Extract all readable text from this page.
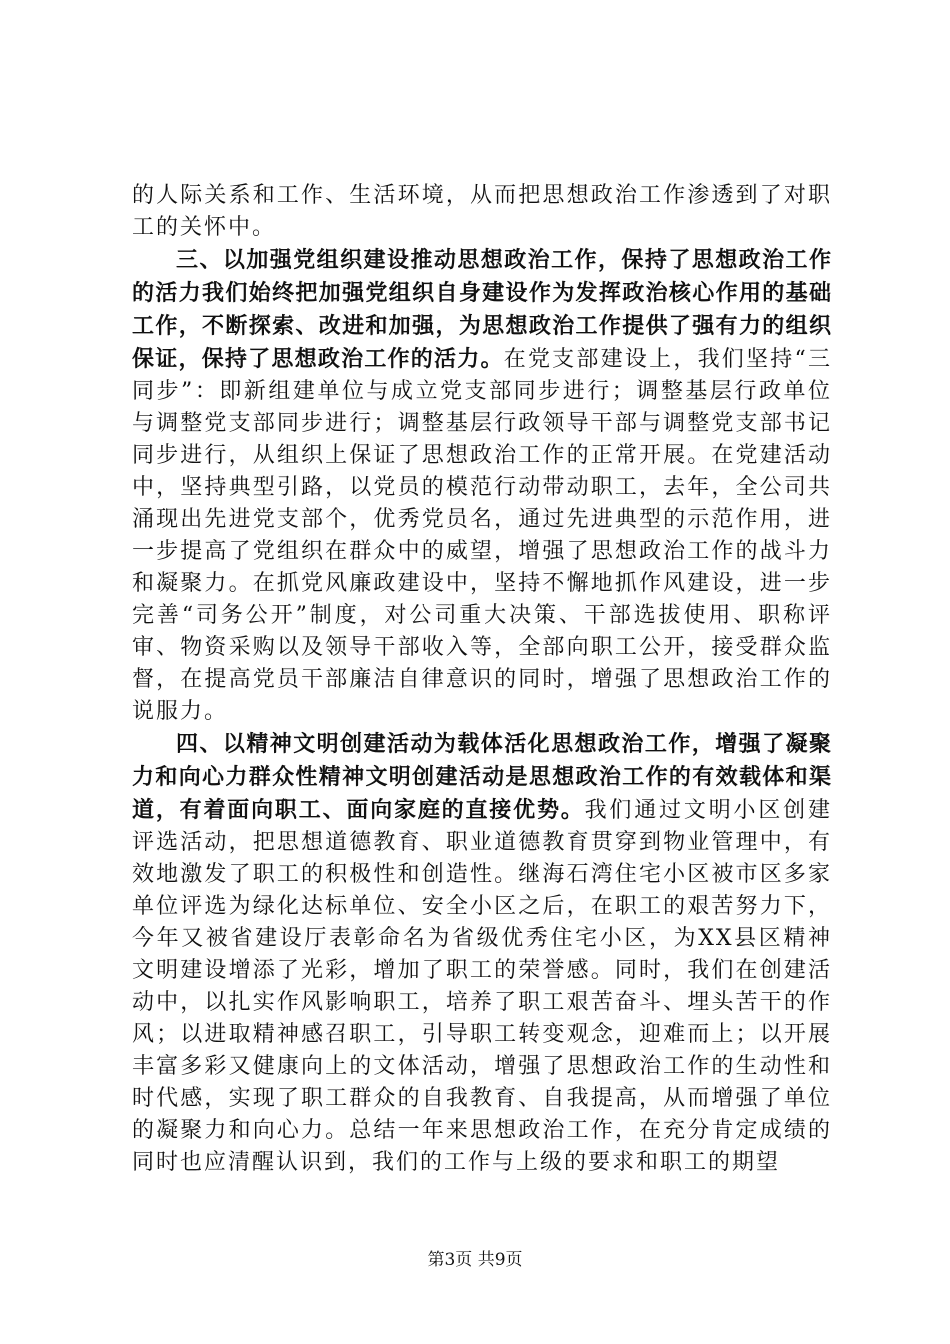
的人际关系和工作、生活环境，从而把思想政治工作渗透到了对职工的关怀中。

三、以加强党组织建设推动思想政治工作，保持了思想政治工作的活力我们始终把加强党组织自身建设作为发挥政治核心作用的基础工作，不断探索、改进和加强，为思想政治工作提供了强有力的组织保证，保持了思想政治工作的活力。在党支部建设上，我们坚持“三同步”：即新组建单位与成立党支部同步进行；调整基层行政单位与调整党支部同步进行；调整基层行政领导干部与调整党支部书记同步进行，从组织上保证了思想政治工作的正常开展。在党建活动中，坚持典型引路，以党员的模范行动带动职工，去年，全公司共涌现出先进党支部个，优秀党员名，通过先进典型的示范作用，进一步提高了党组织在群众中的威望，增强了思想政治工作的战斗力和凝聚力。在抓党风廉政建设中，坚持不懈地抓作风建设，进一步完善“司务公开”制度，对公司重大决策、干部选拔使用、职称评审、物资采购以及领导干部收入等，全部向职工公开，接受群众监督，在提高党员干部廉洁自律意识的同时，增强了思想政治工作的说服力。

四、以精神文明创建活动为载体活化思想政治工作，增强了凝聚力和向心力群众性精神文明创建活动是思想政治工作的有效载体和渠道，有着面向职工、面向家庭的直接优势。我们通过文明小区创建评选活动，把思想道德教育、职业道德教育贯穿到物业管理中，有效地激发了职工的积极性和创造性。继海石湾住宅小区被市区多家单位评选为绿化达标单位、安全小区之后，在职工的艰苦努力下，今年又被省建设厅表彰命名为省级优秀住宅小区，为XX县区精神文明建设增添了光彩，增加了职工的荣誉感。同时，我们在创建活动中，以扎实作风影响职工，培养了职工艰苦奋斗、埋头苦干的作风；以进取精神感召职工，引导职工转变观念，迎难而上；以开展丰富多彩又健康向上的文体活动，增强了思想政治工作的生动性和时代感，实现了职工群众的自我教育、自我提高，从而增强了单位的凝聚力和向心力。总结一年来思想政治工作，在充分肯定成绩的同时也应清醒认识到，我们的工作与上级的要求和职工的期望

第3页 共9页
